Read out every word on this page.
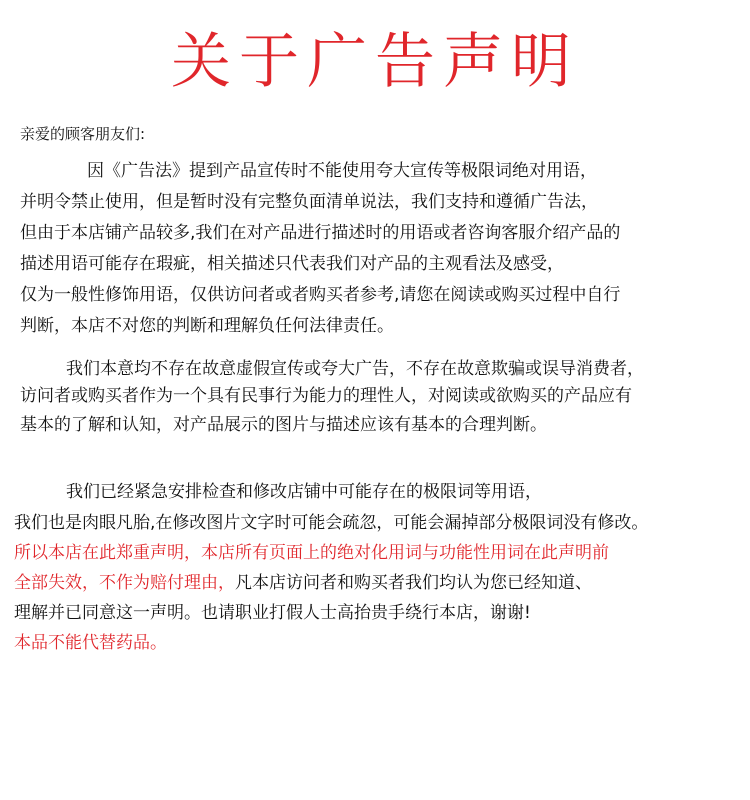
关于广告声明
亲爱的顾客朋友们:
因《广告法》提到产品宣传时不能使用夸大宣传等极限词绝对用语，
并明令禁止使用，但是暂时没有完整负面清单说法，我们支持和遵循广告法，
但由于本店铺产品较多,我们在对产品进行描述时的用语或者咨询客服介绍产品的
描述用语可能存在瑕疵，相关描述只代表我们对产品的主观看法及感受，
仅为一般性修饰用语，仅供访问者或者购买者参考,请您在阅读或购买过程中自行
判断，本店不对您的判断和理解负任何法律责任。
我们本意均不存在故意虚假宣传或夸大广告，不存在故意欺骗或误导消费者，
访问者或购买者作为一个具有民事行为能力的理性人，对阅读或欲购买的产品应有
基本的了解和认知，对产品展示的图片与描述应该有基本的合理判断。
我们已经紧急安排检查和修改店铺中可能存在的极限词等用语，
我们也是肉眼凡胎,在修改图片文字时可能会疏忽，可能会漏掉部分极限词没有修改。
所以本店在此郑重声明，本店所有页面上的绝对化用词与功能性用词在此声明前
全部失效，不作为赔付理由，凡本店访问者和购买者我们均认为您已经知道、
理解并已同意这一声明。也请职业打假人士高抬贵手绕行本店，谢谢!
本品不能代替药品。
